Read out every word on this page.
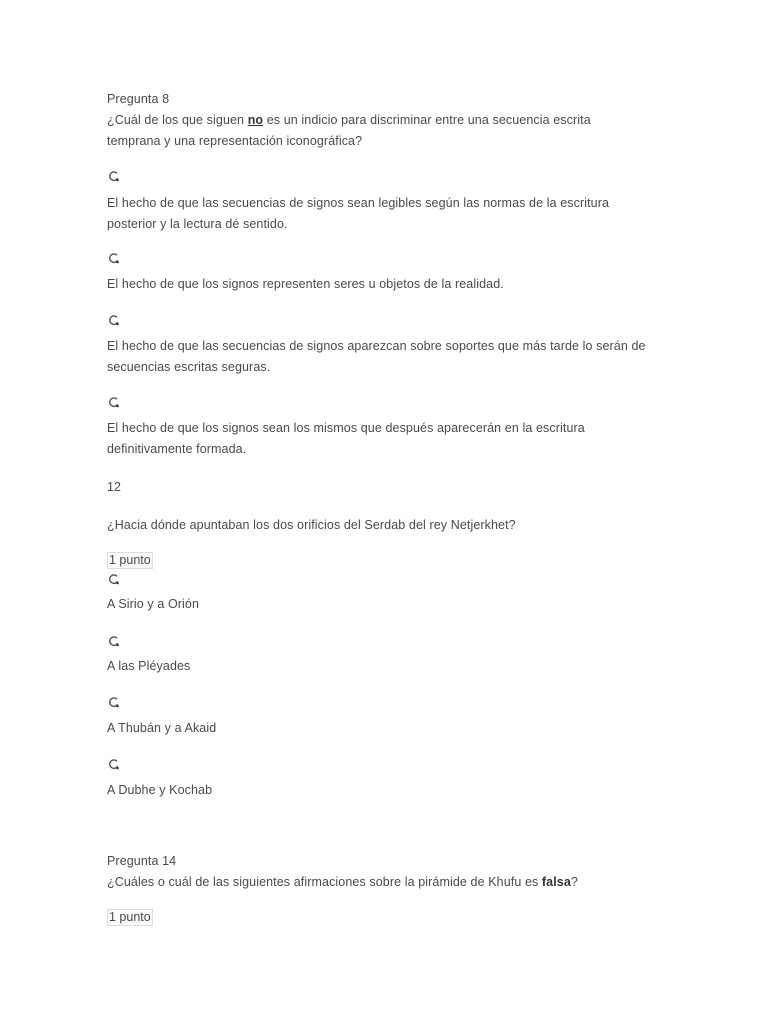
Pregunta 8
¿Cuál de los que siguen no es un indicio para discriminar entre una secuencia escrita temprana y una representación iconográfica?
El hecho de que las secuencias de signos sean legibles según las normas de la escritura posterior y la lectura dé sentido.
El hecho de que los signos representen seres u objetos de la realidad.
El hecho de que las secuencias de signos aparezcan sobre soportes que más tarde lo serán de secuencias escritas seguras.
El hecho de que los signos sean los mismos que después aparecerán en la escritura definitivamente formada.
12
¿Hacia dónde apuntaban los dos orificios del Serdab del rey Netjerkhet?
1 punto
A Sirio y a Orión
A las Pléyades
A Thubán y a Akaid
A Dubhe y Kochab
Pregunta 14
¿Cuáles o cuál de las siguientes afirmaciones sobre la pirámide de Khufu es falsa?
1 punto
